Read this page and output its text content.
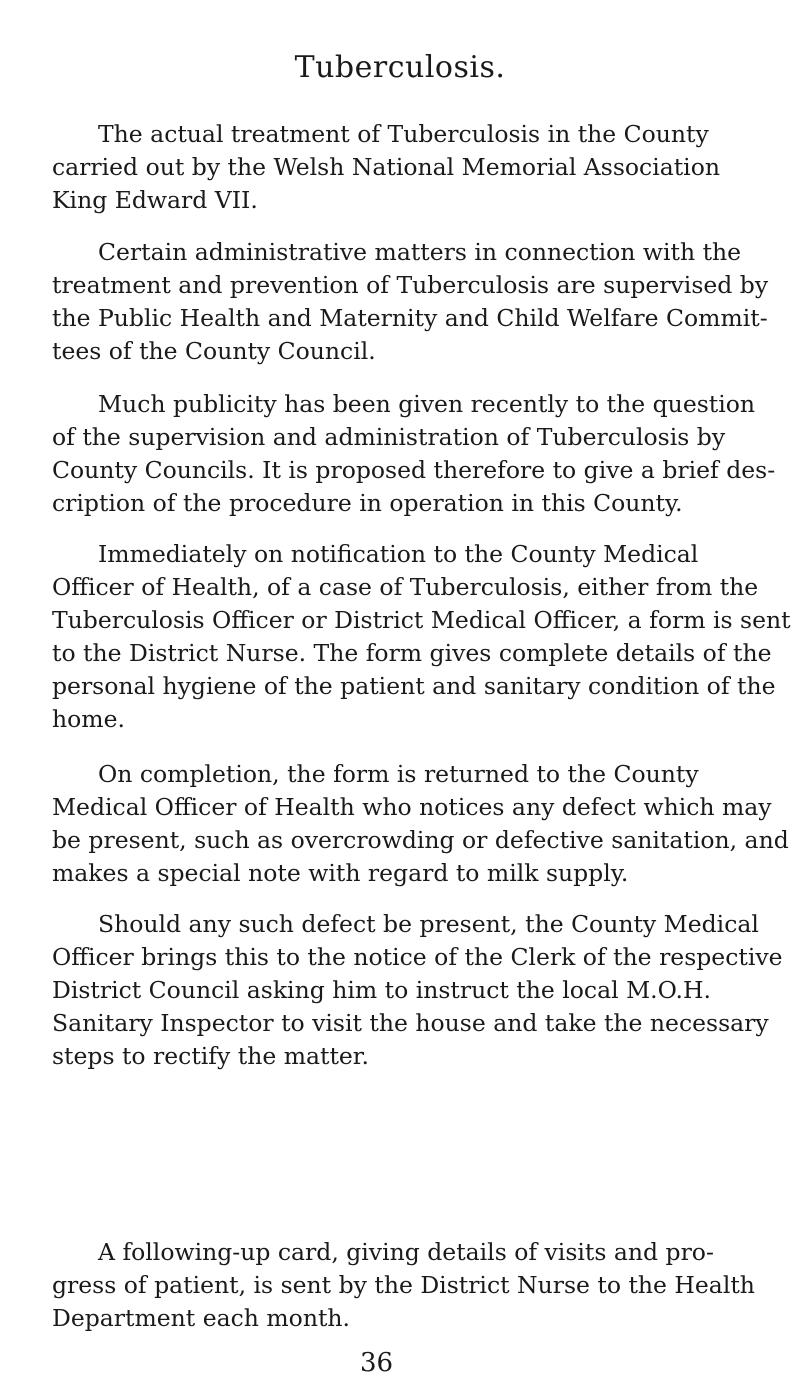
Tuberculosis.
The actual treatment of Tuberculosis in the County
carried out by the Welsh National Memorial Association
King Edward VII.
Certain administrative matters in connection with the
treatment and prevention of Tuberculosis are supervised by
the Public Health and Maternity and Child Welfare Commit-
tees of the County Council.
Much publicity has been given recently to the question
of the supervision and administration of Tuberculosis by
County Councils. It is proposed therefore to give a brief des-
cription of the procedure in operation in this County.
Immediately on notification to the County Medical
Officer of Health, of a case of Tuberculosis, either from the
Tuberculosis Officer or District Medical Officer, a form is sent
to the District Nurse. The form gives complete details of the
personal hygiene of the patient and sanitary condition of the
home.
On completion, the form is returned to the County
Medical Officer of Health who notices any defect which may
be present, such as overcrowding or defective sanitation, and
makes a special note with regard to milk supply.
Should any such defect be present, the County Medical
Officer brings this to the notice of the Clerk of the respective
District Council asking him to instruct the local M.O.H.
Sanitary Inspector to visit the house and take the necessary
steps to rectify the matter.
A following-up card, giving details of visits and pro-
gress of patient, is sent by the District Nurse to the Health
Department each month.
36
